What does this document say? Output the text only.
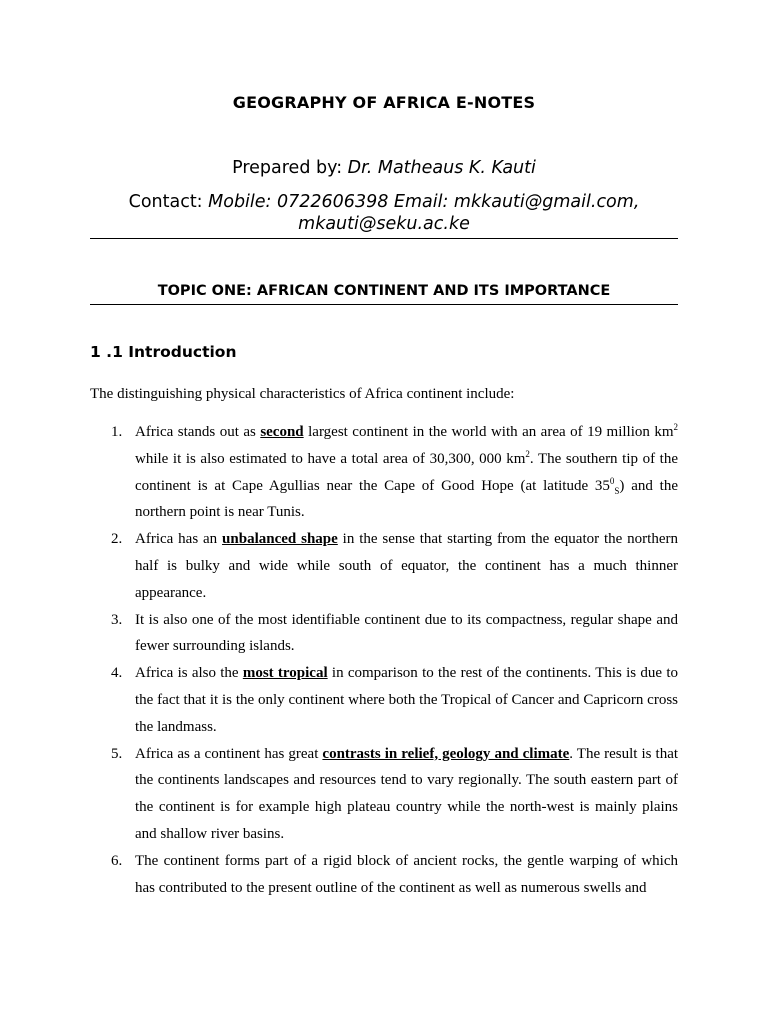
GEOGRAPHY OF AFRICA E-NOTES
Prepared by: Dr. Matheaus K. Kauti
Contact: Mobile: 0722606398 Email: mkkauti@gmail.com, mkauti@seku.ac.ke
TOPIC ONE: AFRICAN CONTINENT AND ITS IMPORTANCE
1 .1 Introduction
The distinguishing physical characteristics of Africa continent include:
1. Africa stands out as second largest continent in the world with an area of 19 million $km^2$ while it is also estimated to have a total area of 30,300, 000 $km^2$. The southern tip of the continent is at Cape Agullias near the Cape of Good Hope (at latitude $35^0_S$) and the northern point is near Tunis.
2. Africa has an unbalanced shape in the sense that starting from the equator the northern half is bulky and wide while south of equator, the continent has a much thinner appearance.
3. It is also one of the most identifiable continent due to its compactness, regular shape and fewer surrounding islands.
4. Africa is also the most tropical in comparison to the rest of the continents. This is due to the fact that it is the only continent where both the Tropical of Cancer and Capricorn cross the landmass.
5. Africa as a continent has great contrasts in relief, geology and climate. The result is that the continents landscapes and resources tend to vary regionally. The south eastern part of the continent is for example high plateau country while the north-west is mainly plains and shallow river basins.
6. The continent forms part of a rigid block of ancient rocks, the gentle warping of which has contributed to the present outline of the continent as well as numerous swells and
